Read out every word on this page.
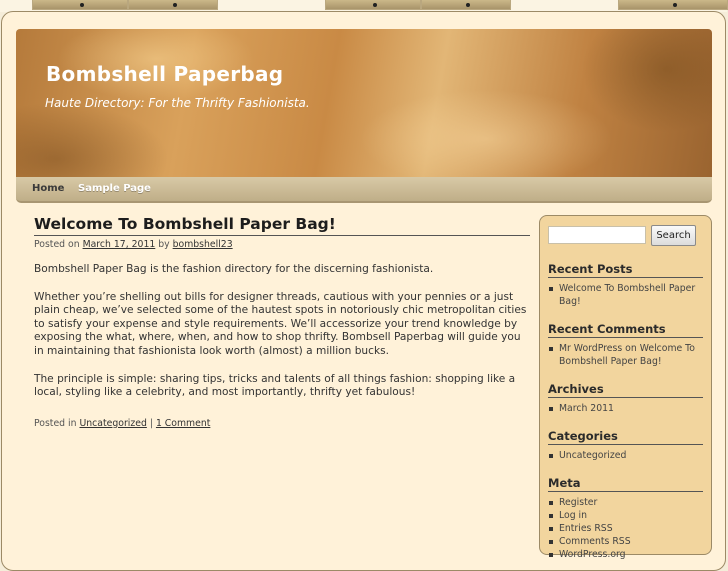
Bombshell Paperbag
Haute Directory: For the Thrifty Fashionista.
Home Sample Page
Welcome To Bombshell Paper Bag!
Posted on March 17, 2011 by bombshell23

Bombshell Paper Bag is the fashion directory for the discerning fashionista.

Whether you’re shelling out bills for designer threads, cautious with your pennies or a just plain cheap, we’ve selected some of the hautest spots in notoriously chic metropolitan cities to satisfy your expense and style requirements. We’ll accessorize your trend knowledge by exposing the what, where, when, and how to shop thrifty. Bombsell Paperbag will guide you in maintaining that fashionista look worth (almost) a million bucks.

The principle is simple: sharing tips, tricks and talents of all things fashion: shopping like a local, styling like a celebrity, and most importantly, thrifty yet fabulous!

Posted in Uncategorized | 1 Comment
Search
Recent Posts
Welcome To Bombshell Paper Bag!
Recent Comments
Mr WordPress on Welcome To Bombshell Paper Bag!
Archives
March 2011
Categories
Uncategorized
Meta
Register
Log in
Entries RSS
Comments RSS
WordPress.org
